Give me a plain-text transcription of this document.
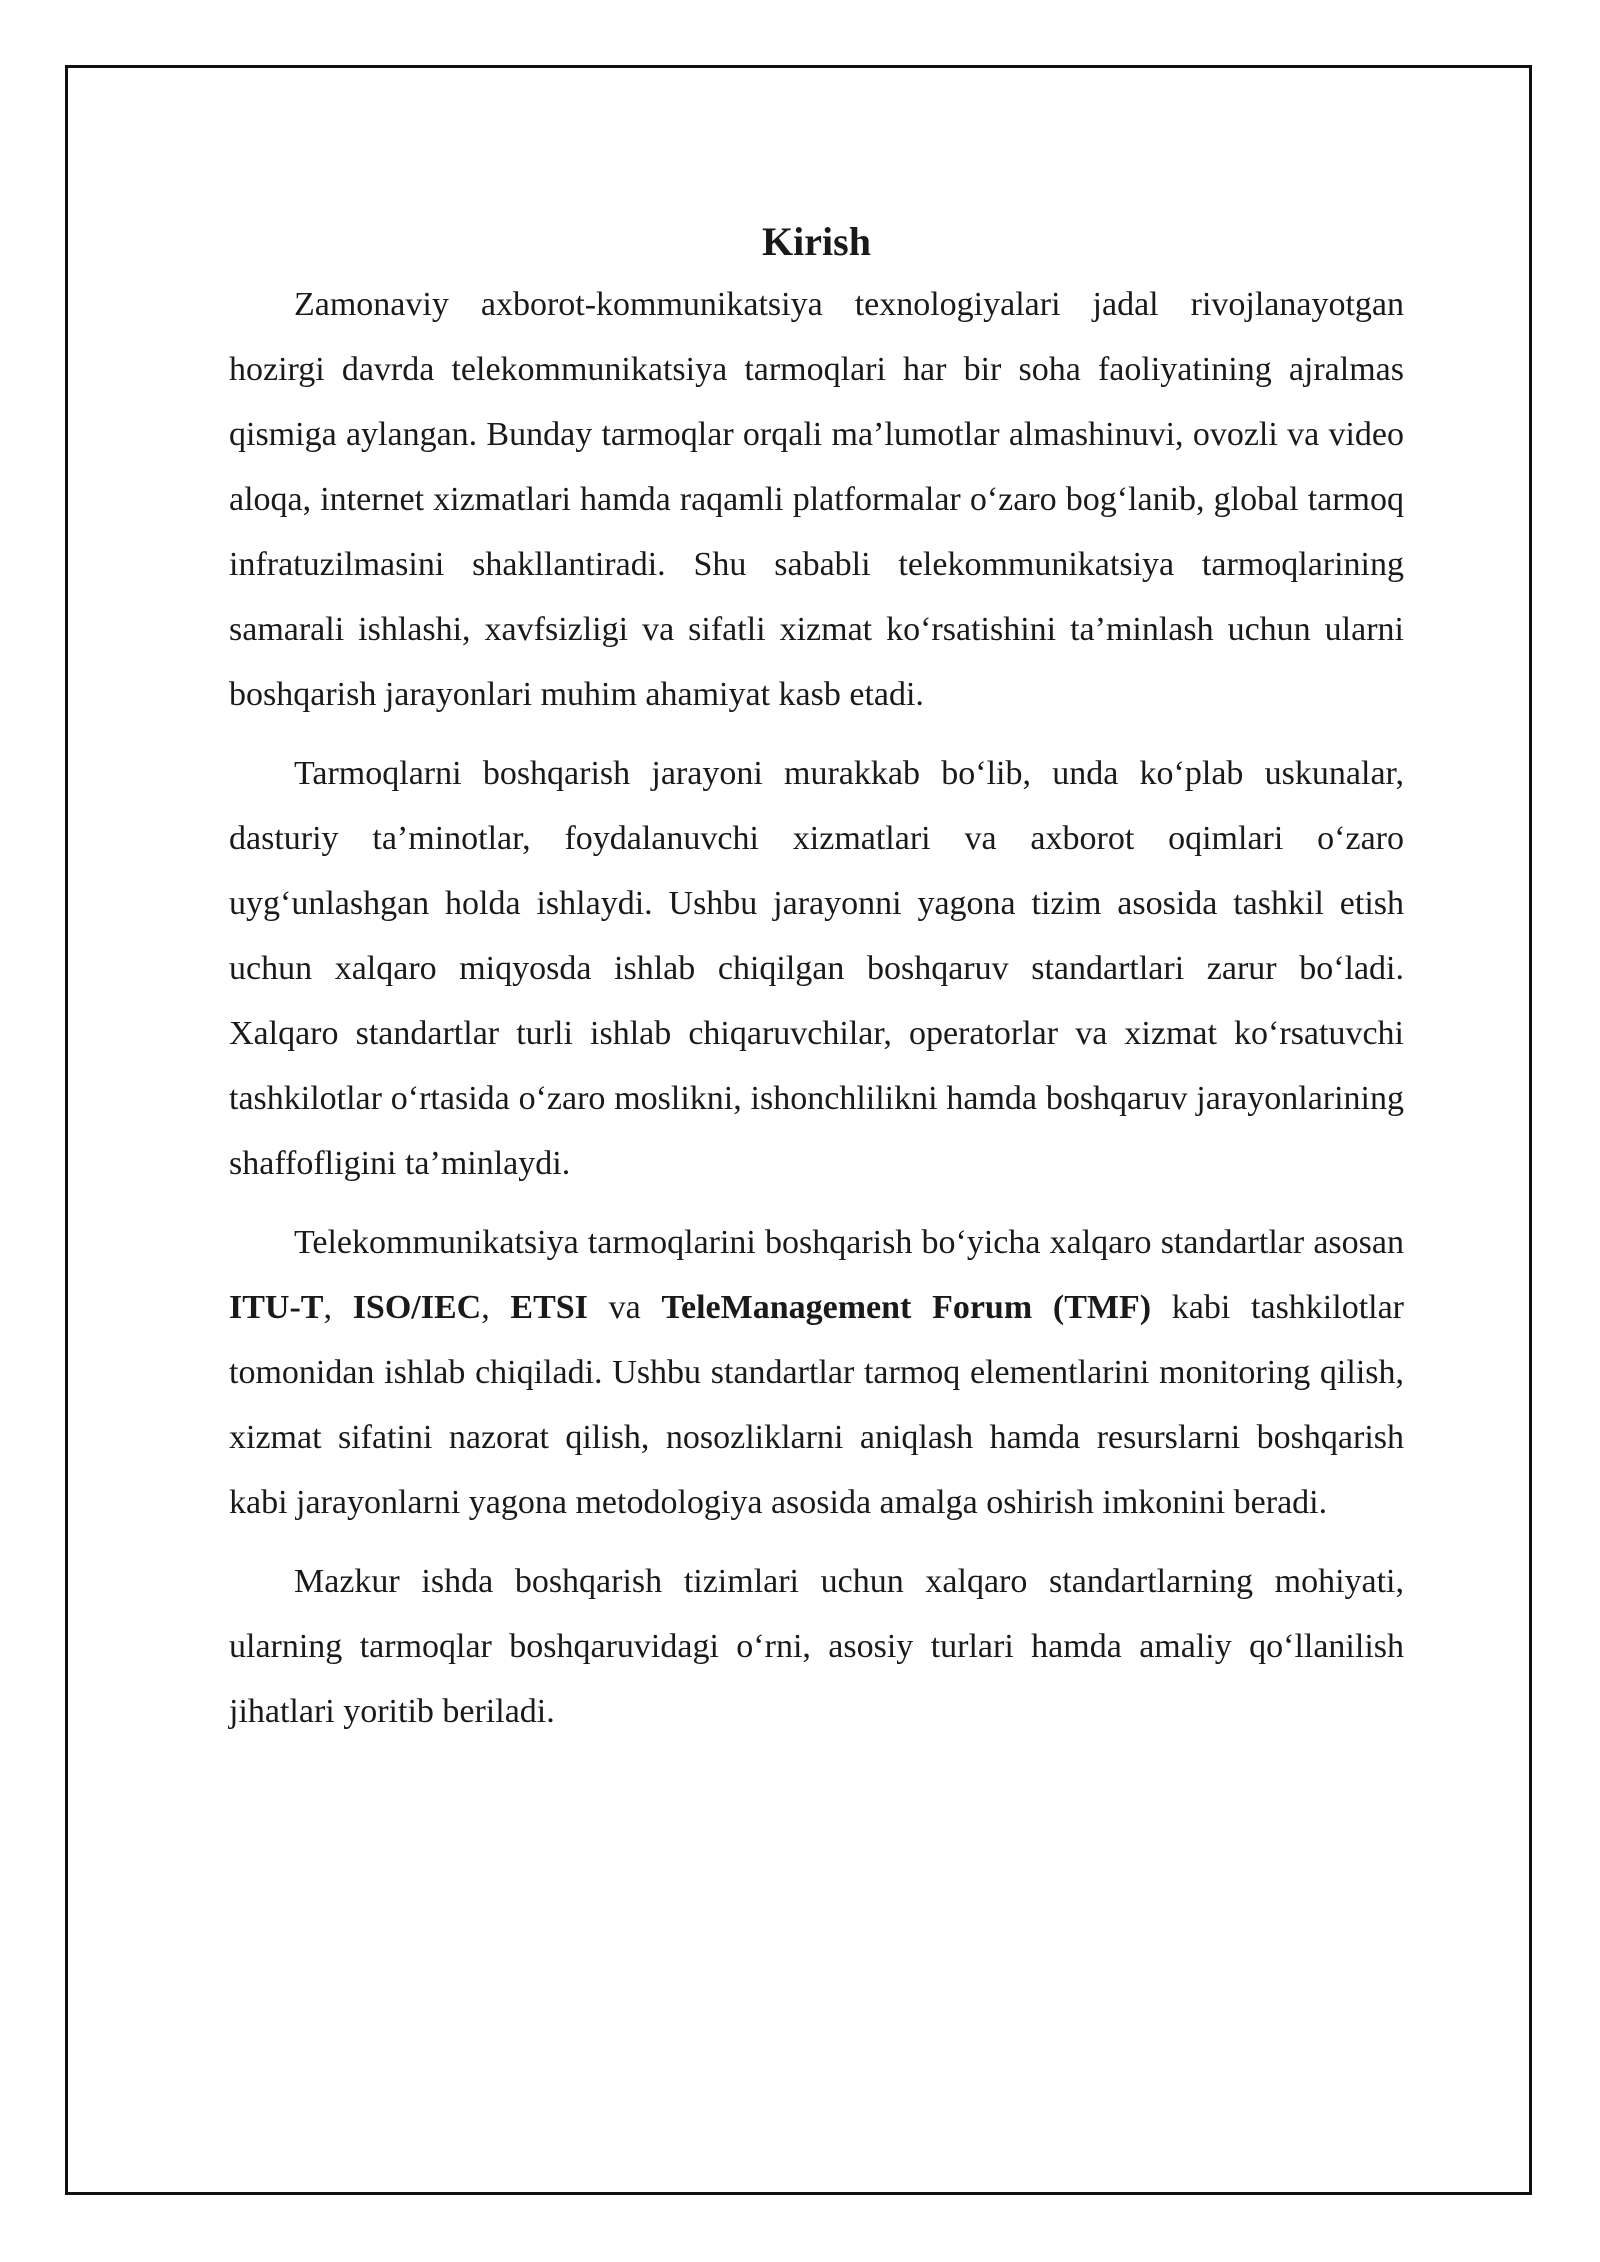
Kirish

Zamonaviy axborot-kommunikatsiya texnologiyalari jadal rivojlanayotgan hozirgi davrda telekommunikatsiya tarmoqlari har bir soha faoliyatining ajralmas qismiga aylangan. Bunday tarmoqlar orqali ma’lumotlar almashinuvi, ovozli va video aloqa, internet xizmatlari hamda raqamli platformalar o‘zaro bog‘lanib, global tarmoq infratuzilmasini shakllantiradi. Shu sababli telekommunikatsiya tarmoqlarining samarali ishlashi, xavfsizligi va sifatli xizmat ko‘rsatishini ta’minlash uchun ularni boshqarish jarayonlari muhim ahamiyat kasb etadi.

Tarmoqlarni boshqarish jarayoni murakkab bo‘lib, unda ko‘plab uskunalar, dasturiy ta’minotlar, foydalanuvchi xizmatlari va axborot oqimlari o‘zaro uyg‘unlashgan holda ishlaydi. Ushbu jarayonni yagona tizim asosida tashkil etish uchun xalqaro miqyosda ishlab chiqilgan boshqaruv standartlari zarur bo‘ladi. Xalqaro standartlar turli ishlab chiqaruvchilar, operatorlar va xizmat ko‘rsatuvchi tashkilotlar o‘rtasida o‘zaro moslikni, ishonchlilikni hamda boshqaruv jarayonlarining shaffofligini ta’minlaydi.

Telekommunikatsiya tarmoqlarini boshqarish bo‘yicha xalqaro standartlar asosan ITU-T, ISO/IEC, ETSI va TeleManagement Forum (TMF) kabi tashkilotlar tomonidan ishlab chiqiladi. Ushbu standartlar tarmoq elementlarini monitoring qilish, xizmat sifatini nazorat qilish, nosozliklarni aniqlash hamda resurslarni boshqarish kabi jarayonlarni yagona metodologiya asosida amalga oshirish imkonini beradi.

Mazkur ishda boshqarish tizimlari uchun xalqaro standartlarning mohiyati, ularning tarmoqlar boshqaruvidagi o‘rni, asosiy turlari hamda amaliy qo‘llanilish jihatlari yoritib beriladi.
